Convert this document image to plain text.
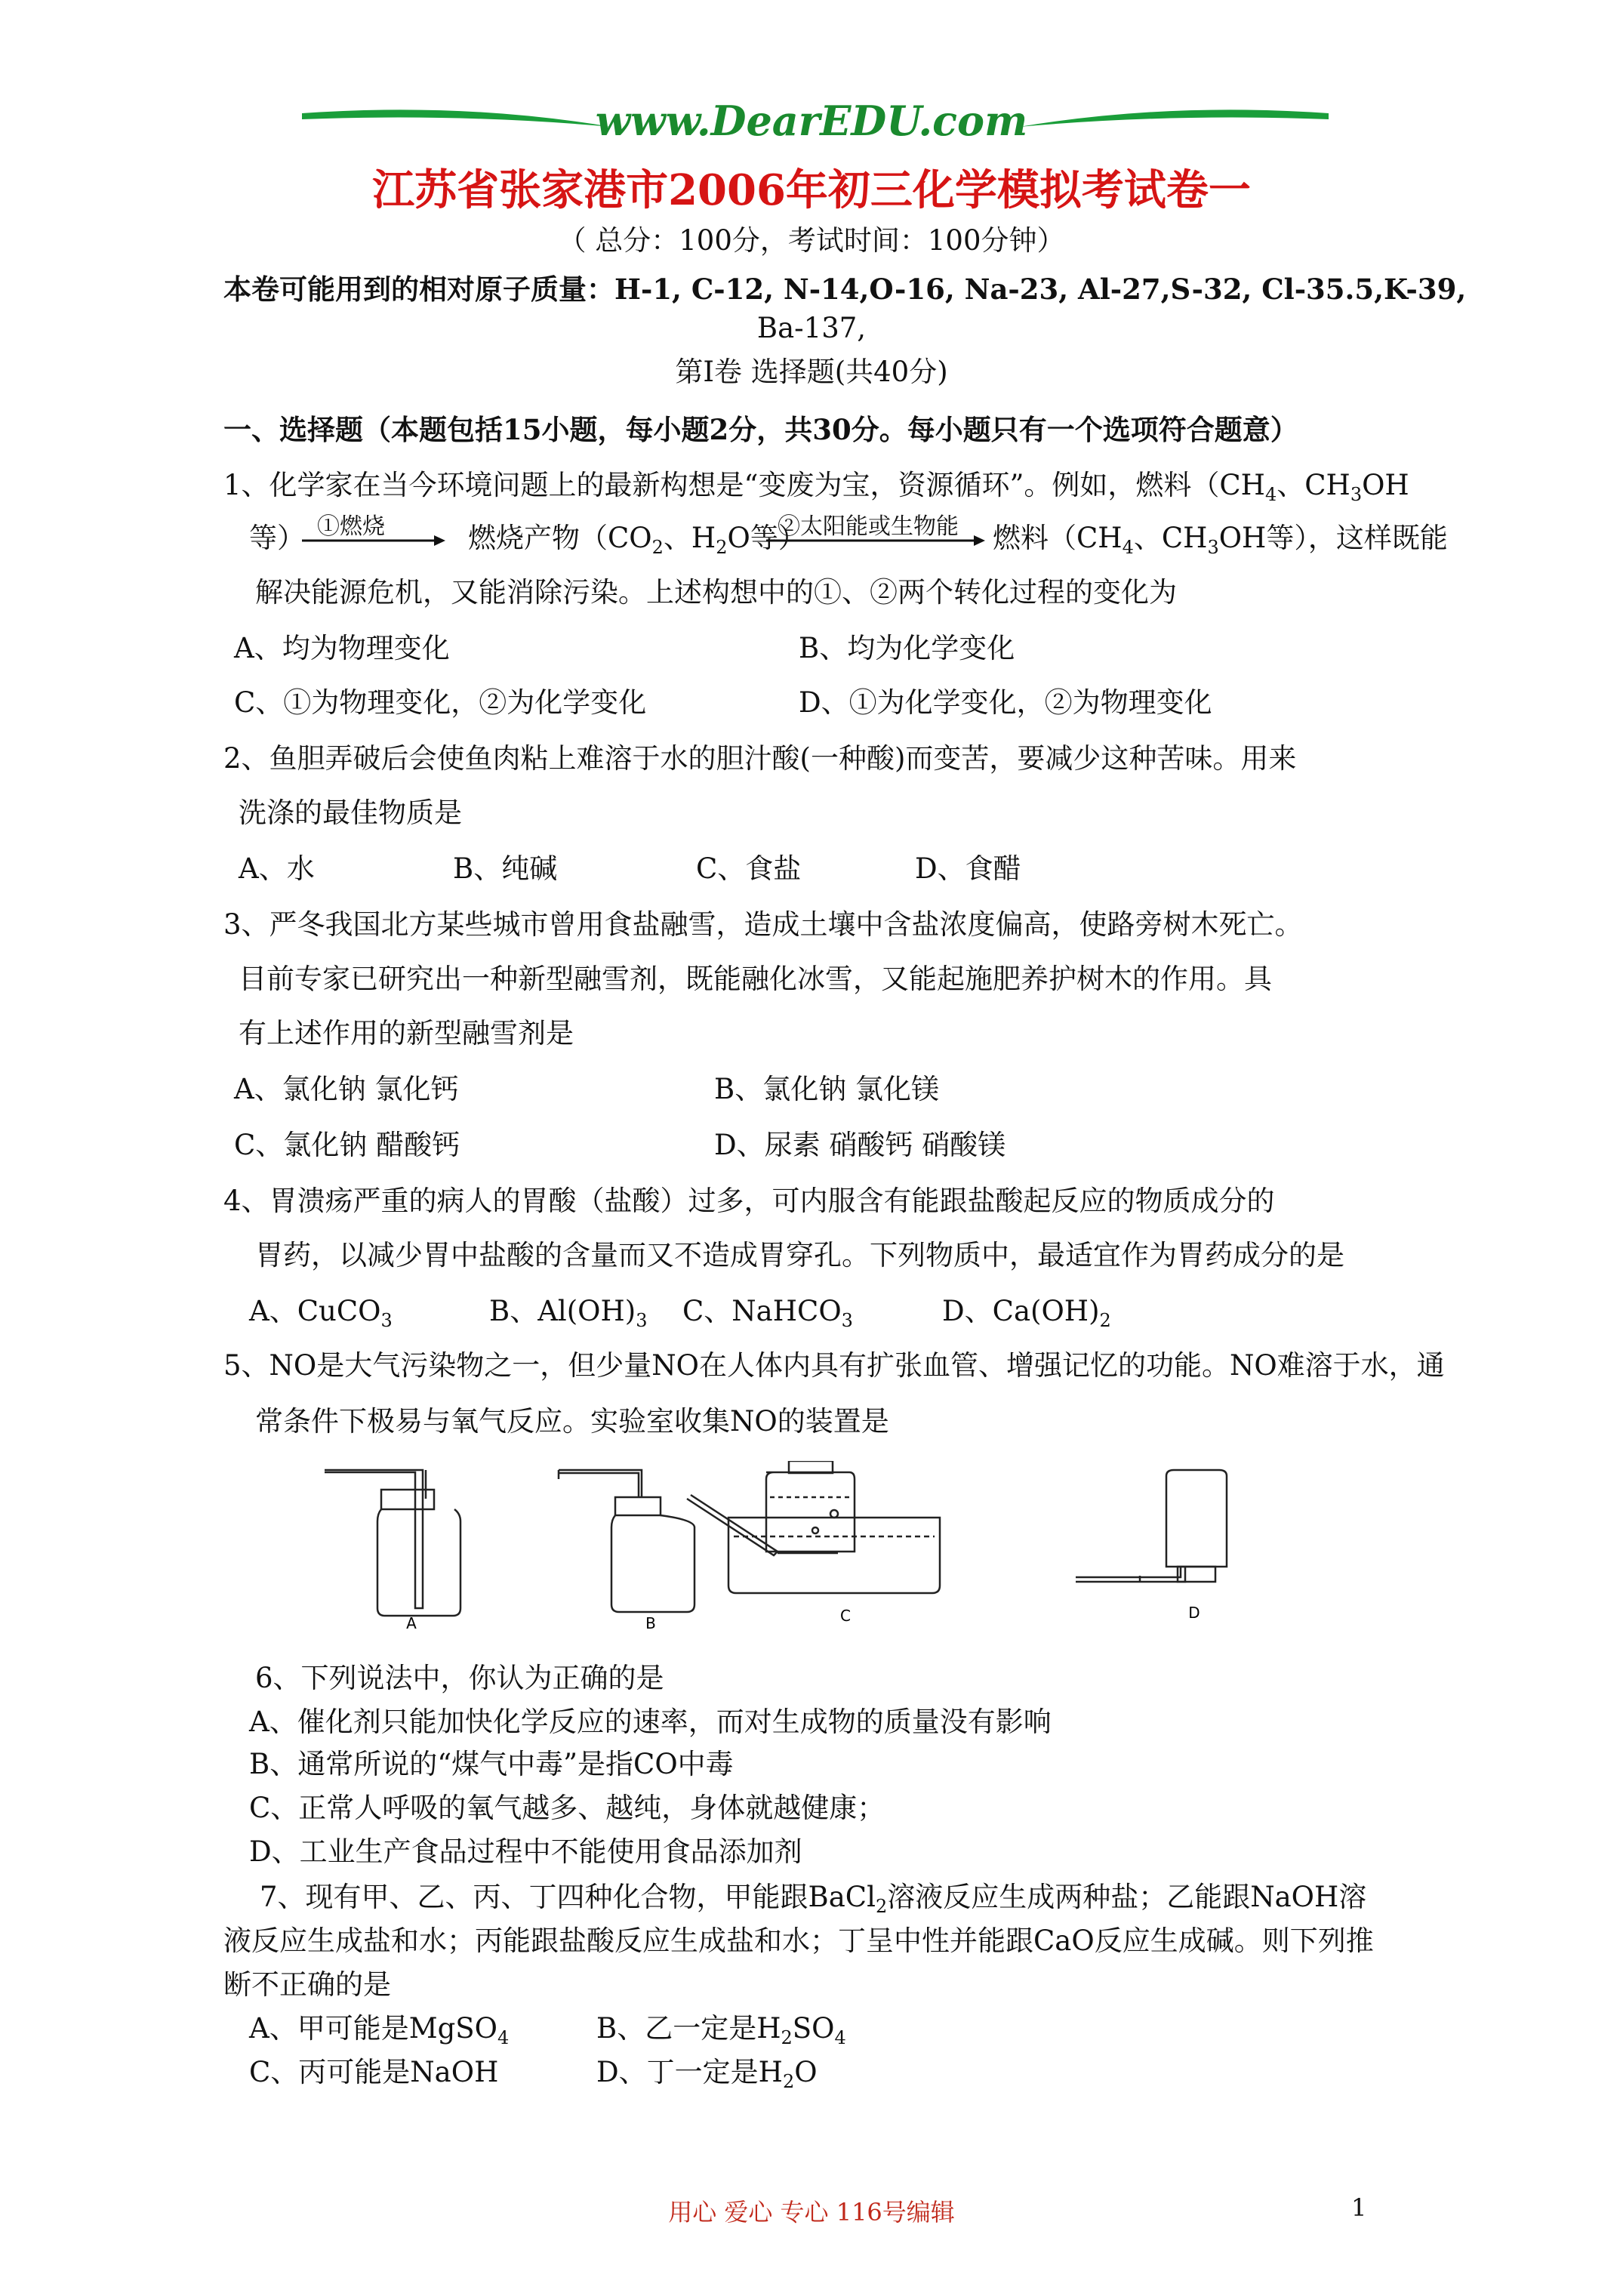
www.DearEDU.com
江苏省张家港市2006年初三化学模拟考试卷一
（ 总分：100分，考试时间：100分钟）
本卷可能用到的相对原子质量：H-1, C-12, N-14,O-16, Na-23, Al-27,S-32, Cl-35.5,K-39,
Ba-137,
第Ⅰ卷 选择题(共40分)
一、选择题（本题包括15小题，每小题2分，共30分。每小题只有一个选项符合题意）
1、化学家在当今环境问题上的最新构想是“变废为宝，资源循环”。例如，燃料（$CH_4$、$CH_3OH$
等） ①燃烧	燃烧产物（$CO_2$、$H_2O$等）
②太阳能或生物能 燃料（$CH_4$、$CH_3OH$等），这样既能
解决能源危机，又能消除污染。上述构想中的①、②两个转化过程的变化为
A、均为物理变化	B、均为化学变化
C、①为物理变化，②为化学变化	D、①为化学变化，②为物理变化
2、鱼胆弄破后会使鱼肉粘上难溶于水的胆汁酸(一种酸)而变苦，要减少这种苦味。用来
洗涤的最佳物质是
A、水	B、纯碱	C、食盐	D、食醋
3、严冬我国北方某些城市曾用食盐融雪，造成土壤中含盐浓度偏高，使路旁树木死亡。
目前专家已研究出一种新型融雪剂，既能融化冰雪，又能起施肥养护树木的作用。具
有上述作用的新型融雪剂是
A、氯化钠 氯化钙	B、氯化钠 氯化镁
C、氯化钠 醋酸钙	D、尿素 硝酸钙 硝酸镁
4、胃溃疡严重的病人的胃酸（盐酸）过多，可内服含有能跟盐酸起反应的物质成分的
胃药，以减少胃中盐酸的含量而又不造成胃穿孔。下列物质中，最适宜作为胃药成分的是
A、CuCO$_3$	B、$Al(OH)_3$ C、NaHCO$_3$	D、$Ca(OH)_2$
5、NO是大气污染物之一，但少量NO在人体内具有扩张血管、增强记忆的功能。NO难溶于水，通
常条件下极易与氧气反应。实验室收集NO的装置是
A	B	C	D
6、下列说法中，你认为正确的是
A、催化剂只能加快化学反应的速率，而对生成物的质量没有影响
B、通常所说的“煤气中毒”是指CO中毒
C、正常人呼吸的氧气越多、越纯，身体就越健康；
D、工业生产食品过程中不能使用食品添加剂
7、现有甲、乙、丙、丁四种化合物，甲能跟BaCl$_2$溶液反应生成两种盐；乙能跟NaOH溶
液反应生成盐和水；丙能跟盐酸反应生成盐和水；丁呈中性并能跟CaO反应生成碱。则下列推
断不正确的是
A、甲可能是MgSO$_4$	B、乙一定是$H_2SO_4$
C、丙可能是NaOH	D、丁一定是$H_2O$
用心 爱心 专心 116号编辑	1
